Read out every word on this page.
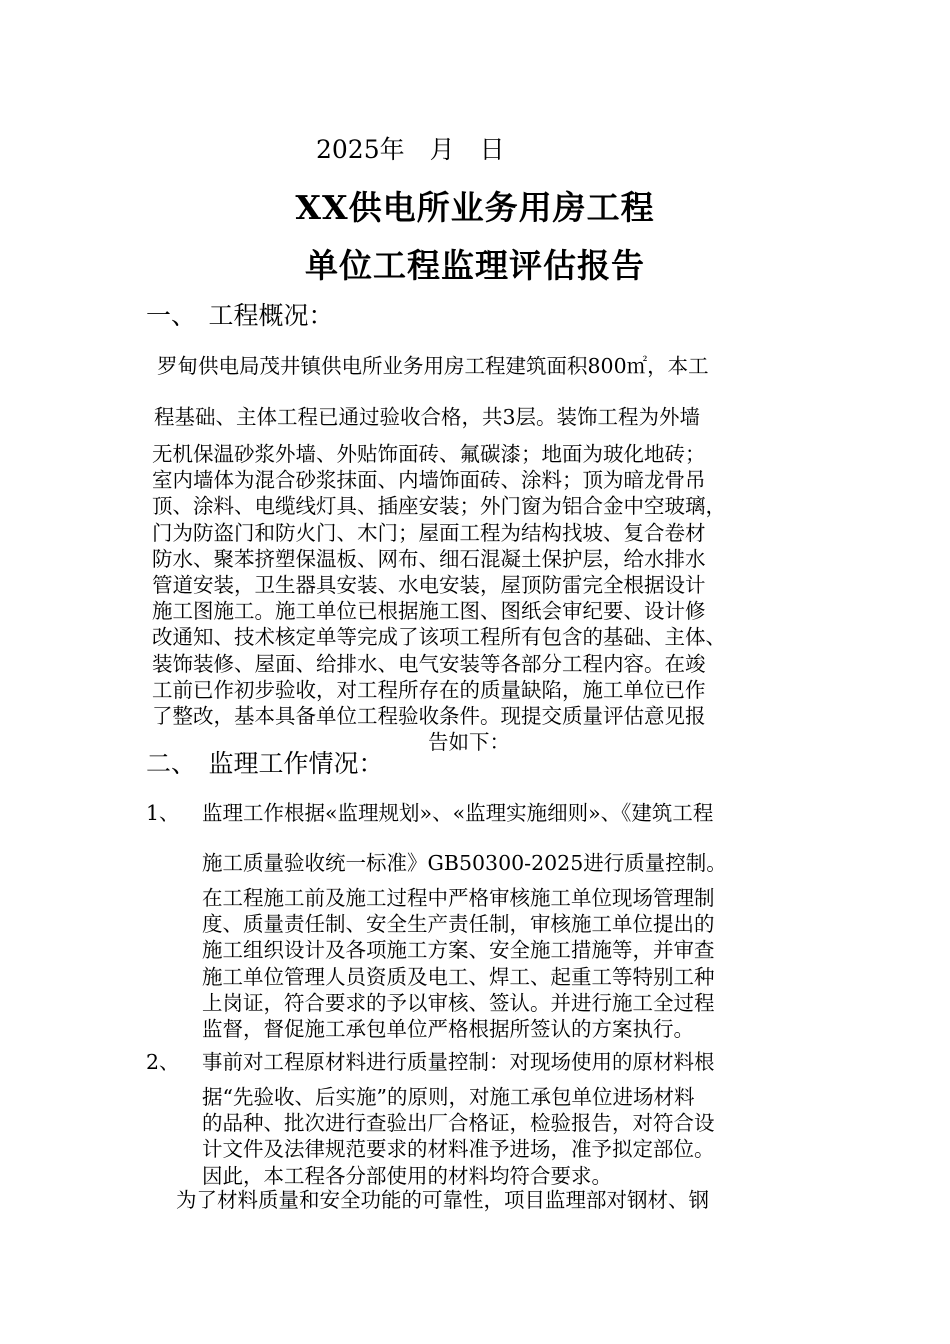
2025年　月　日
XX供电所业务用房工程
单位工程监理评估报告
一、　工程概况：
罗甸供电局茂井镇供电所业务用房工程建筑面积800㎡，本工
程基础、主体工程已通过验收合格，共3层。装饰工程为外墙
无机保温砂浆外墙、外贴饰面砖、氟碳漆；地面为玻化地砖；
室内墙体为混合砂浆抹面、内墙饰面砖、涂料；顶为暗龙骨吊
顶、涂料、电缆线灯具、插座安装；外门窗为铝合金中空玻璃，
门为防盗门和防火门、木门；屋面工程为结构找坡、复合卷材
防水、聚苯挤塑保温板、网布、细石混凝土保护层，给水排水
管道安装，卫生器具安装、水电安装，屋顶防雷完全根据设计
施工图施工。施工单位已根据施工图、图纸会审纪要、设计修
改通知、技术核定单等完成了该项工程所有包含的基础、主体、
装饰装修、屋面、给排水、电气安装等各部分工程内容。在竣
工前已作初步验收，对工程所存在的质量缺陷，施工单位已作
了整改，基本具备单位工程验收条件。现提交质量评估意见报
告如下：
二、　监理工作情况：
1、 监理工作根据«监理规划»、«监理实施细则»、《建筑工程
施工质量验收统一标准》GB50300-2025进行质量控制。
在工程施工前及施工过程中严格审核施工单位现场管理制
度、质量责任制、安全生产责任制，审核施工单位提出的
施工组织设计及各项施工方案、安全施工措施等，并审查
施工单位管理人员资质及电工、焊工、起重工等特别工种
上岗证，符合要求的予以审核、签认。并进行施工全过程
监督，督促施工承包单位严格根据所签认的方案执行。
2、 事前对工程原材料进行质量控制：对现场使用的原材料根
据“先验收、后实施”的原则，对施工承包单位进场材料
的品种、批次进行查验出厂合格证，检验报告，对符合设
计文件及法律规范要求的材料准予进场，准予拟定部位。
因此，本工程各分部使用的材料均符合要求。
为了材料质量和安全功能的可靠性，项目监理部对钢材、钢
